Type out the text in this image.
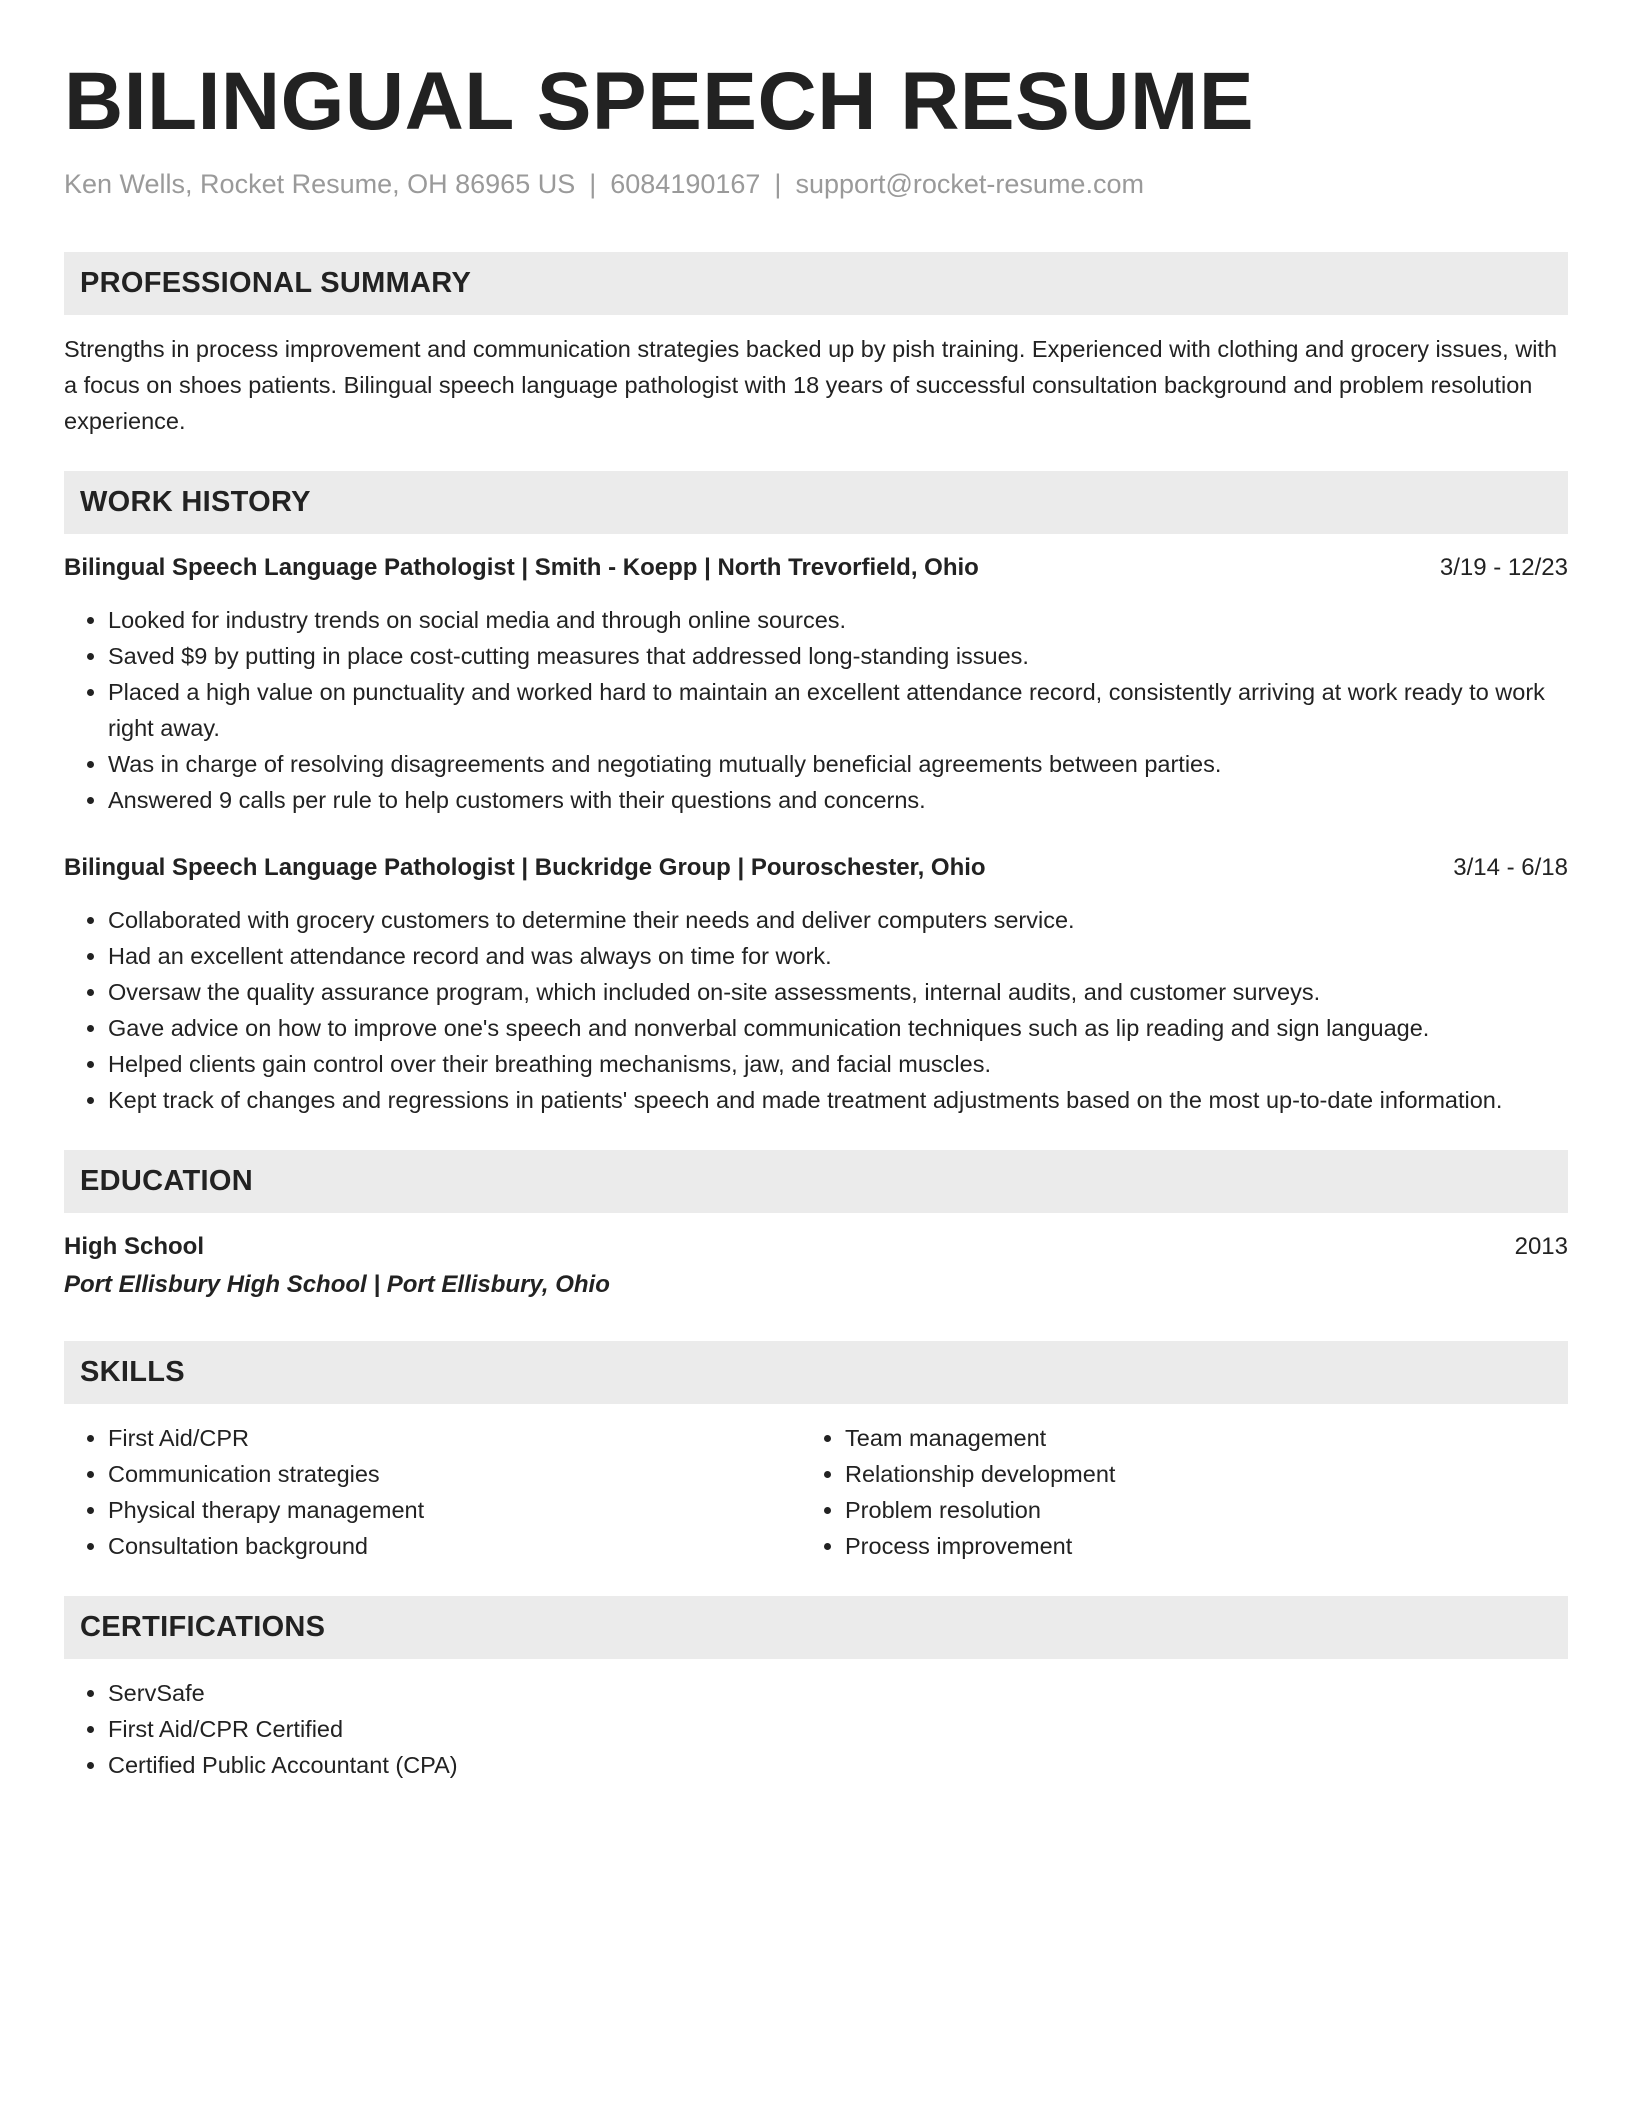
BILINGUAL SPEECH RESUME
Ken Wells, Rocket Resume, OH 86965 US | 6084190167 | support@rocket-resume.com
PROFESSIONAL SUMMARY
Strengths in process improvement and communication strategies backed up by pish training. Experienced with clothing and grocery issues, with a focus on shoes patients. Bilingual speech language pathologist with 18 years of successful consultation background and problem resolution experience.
WORK HISTORY
Bilingual Speech Language Pathologist | Smith - Koepp | North Trevorfield, Ohio	3/19 - 12/23
• Looked for industry trends on social media and through online sources.
• Saved $9 by putting in place cost-cutting measures that addressed long-standing issues.
• Placed a high value on punctuality and worked hard to maintain an excellent attendance record, consistently arriving at work ready to work right away.
• Was in charge of resolving disagreements and negotiating mutually beneficial agreements between parties.
• Answered 9 calls per rule to help customers with their questions and concerns.
Bilingual Speech Language Pathologist | Buckridge Group | Pouroschester, Ohio	3/14 - 6/18
• Collaborated with grocery customers to determine their needs and deliver computers service.
• Had an excellent attendance record and was always on time for work.
• Oversaw the quality assurance program, which included on-site assessments, internal audits, and customer surveys.
• Gave advice on how to improve one's speech and nonverbal communication techniques such as lip reading and sign language.
• Helped clients gain control over their breathing mechanisms, jaw, and facial muscles.
• Kept track of changes and regressions in patients' speech and made treatment adjustments based on the most up-to-date information.
EDUCATION
High School	2013
Port Ellisbury High School | Port Ellisbury, Ohio
SKILLS
• First Aid/CPR
• Communication strategies
• Physical therapy management
• Consultation background
• Team management
• Relationship development
• Problem resolution
• Process improvement
CERTIFICATIONS
• ServSafe
• First Aid/CPR Certified
• Certified Public Accountant (CPA)
